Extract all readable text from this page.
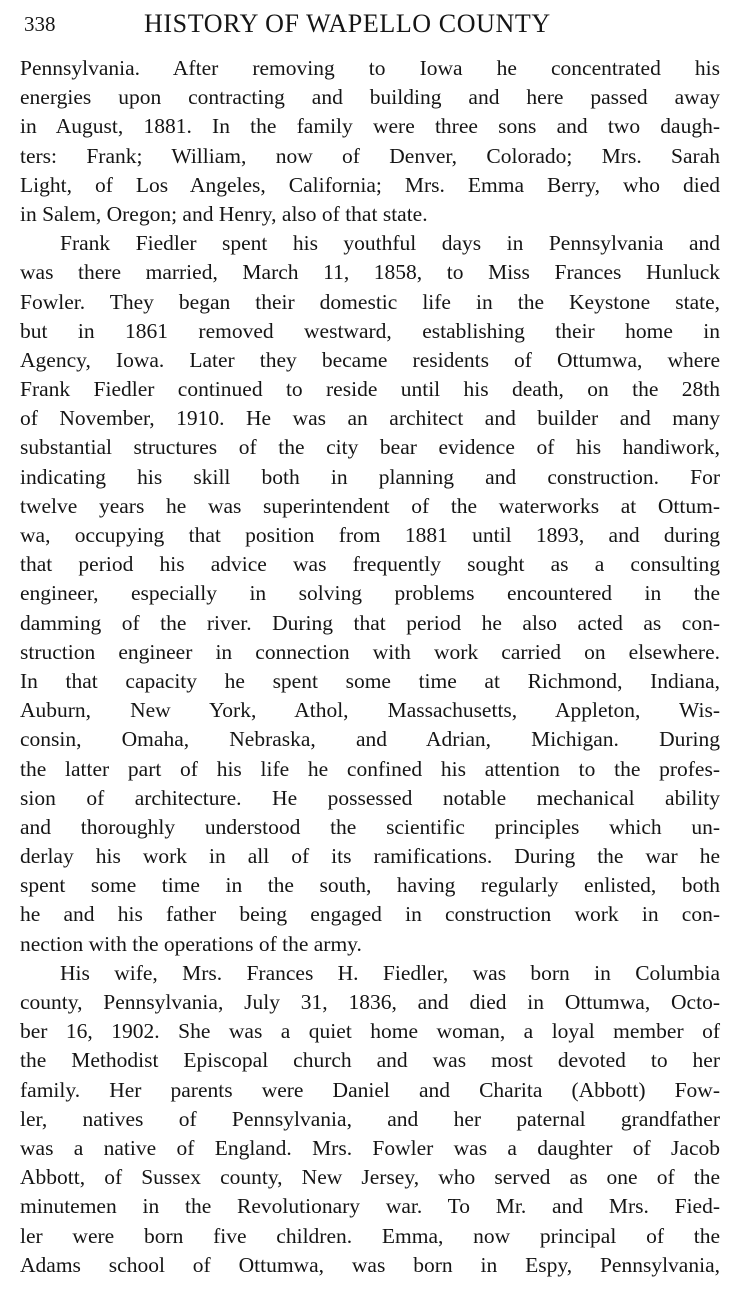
338	HISTORY OF WAPELLO COUNTY
Pennsylvania. After removing to Iowa he concentrated his
energies upon contracting and building and here passed away
in August, 1881. In the family were three sons and two daugh-
ters: Frank; William, now of Denver, Colorado; Mrs. Sarah
Light, of Los Angeles, California; Mrs. Emma Berry, who died
in Salem, Oregon; and Henry, also of that state.
Frank Fiedler spent his youthful days in Pennsylvania and
was there married, March 11, 1858, to Miss Frances Hunluck
Fowler. They began their domestic life in the Keystone state,
but in 1861 removed westward, establishing their home in
Agency, Iowa. Later they became residents of Ottumwa, where
Frank Fiedler continued to reside until his death, on the 28th
of November, 1910. He was an architect and builder and many
substantial structures of the city bear evidence of his handiwork,
indicating his skill both in planning and construction. For
twelve years he was superintendent of the waterworks at Ottum-
wa, occupying that position from 1881 until 1893, and during
that period his advice was frequently sought as a consulting
engineer, especially in solving problems encountered in the
damming of the river. During that period he also acted as con-
struction engineer in connection with work carried on elsewhere.
In that capacity he spent some time at Richmond, Indiana,
Auburn, New York, Athol, Massachusetts, Appleton, Wis-
consin, Omaha, Nebraska, and Adrian, Michigan. During
the latter part of his life he confined his attention to the profes-
sion of architecture. He possessed notable mechanical ability
and thoroughly understood the scientific principles which un-
derlay his work in all of its ramifications. During the war he
spent some time in the south, having regularly enlisted, both
he and his father being engaged in construction work in con-
nection with the operations of the army.
His wife, Mrs. Frances H. Fiedler, was born in Columbia
county, Pennsylvania, July 31, 1836, and died in Ottumwa, Octo-
ber 16, 1902. She was a quiet home woman, a loyal member of
the Methodist Episcopal church and was most devoted to her
family. Her parents were Daniel and Charita (Abbott) Fow-
ler, natives of Pennsylvania, and her paternal grandfather
was a native of England. Mrs. Fowler was a daughter of Jacob
Abbott, of Sussex county, New Jersey, who served as one of the
minutemen in the Revolutionary war. To Mr. and Mrs. Fied-
ler were born five children. Emma, now principal of the
Adams school of Ottumwa, was born in Espy, Pennsylvania,
